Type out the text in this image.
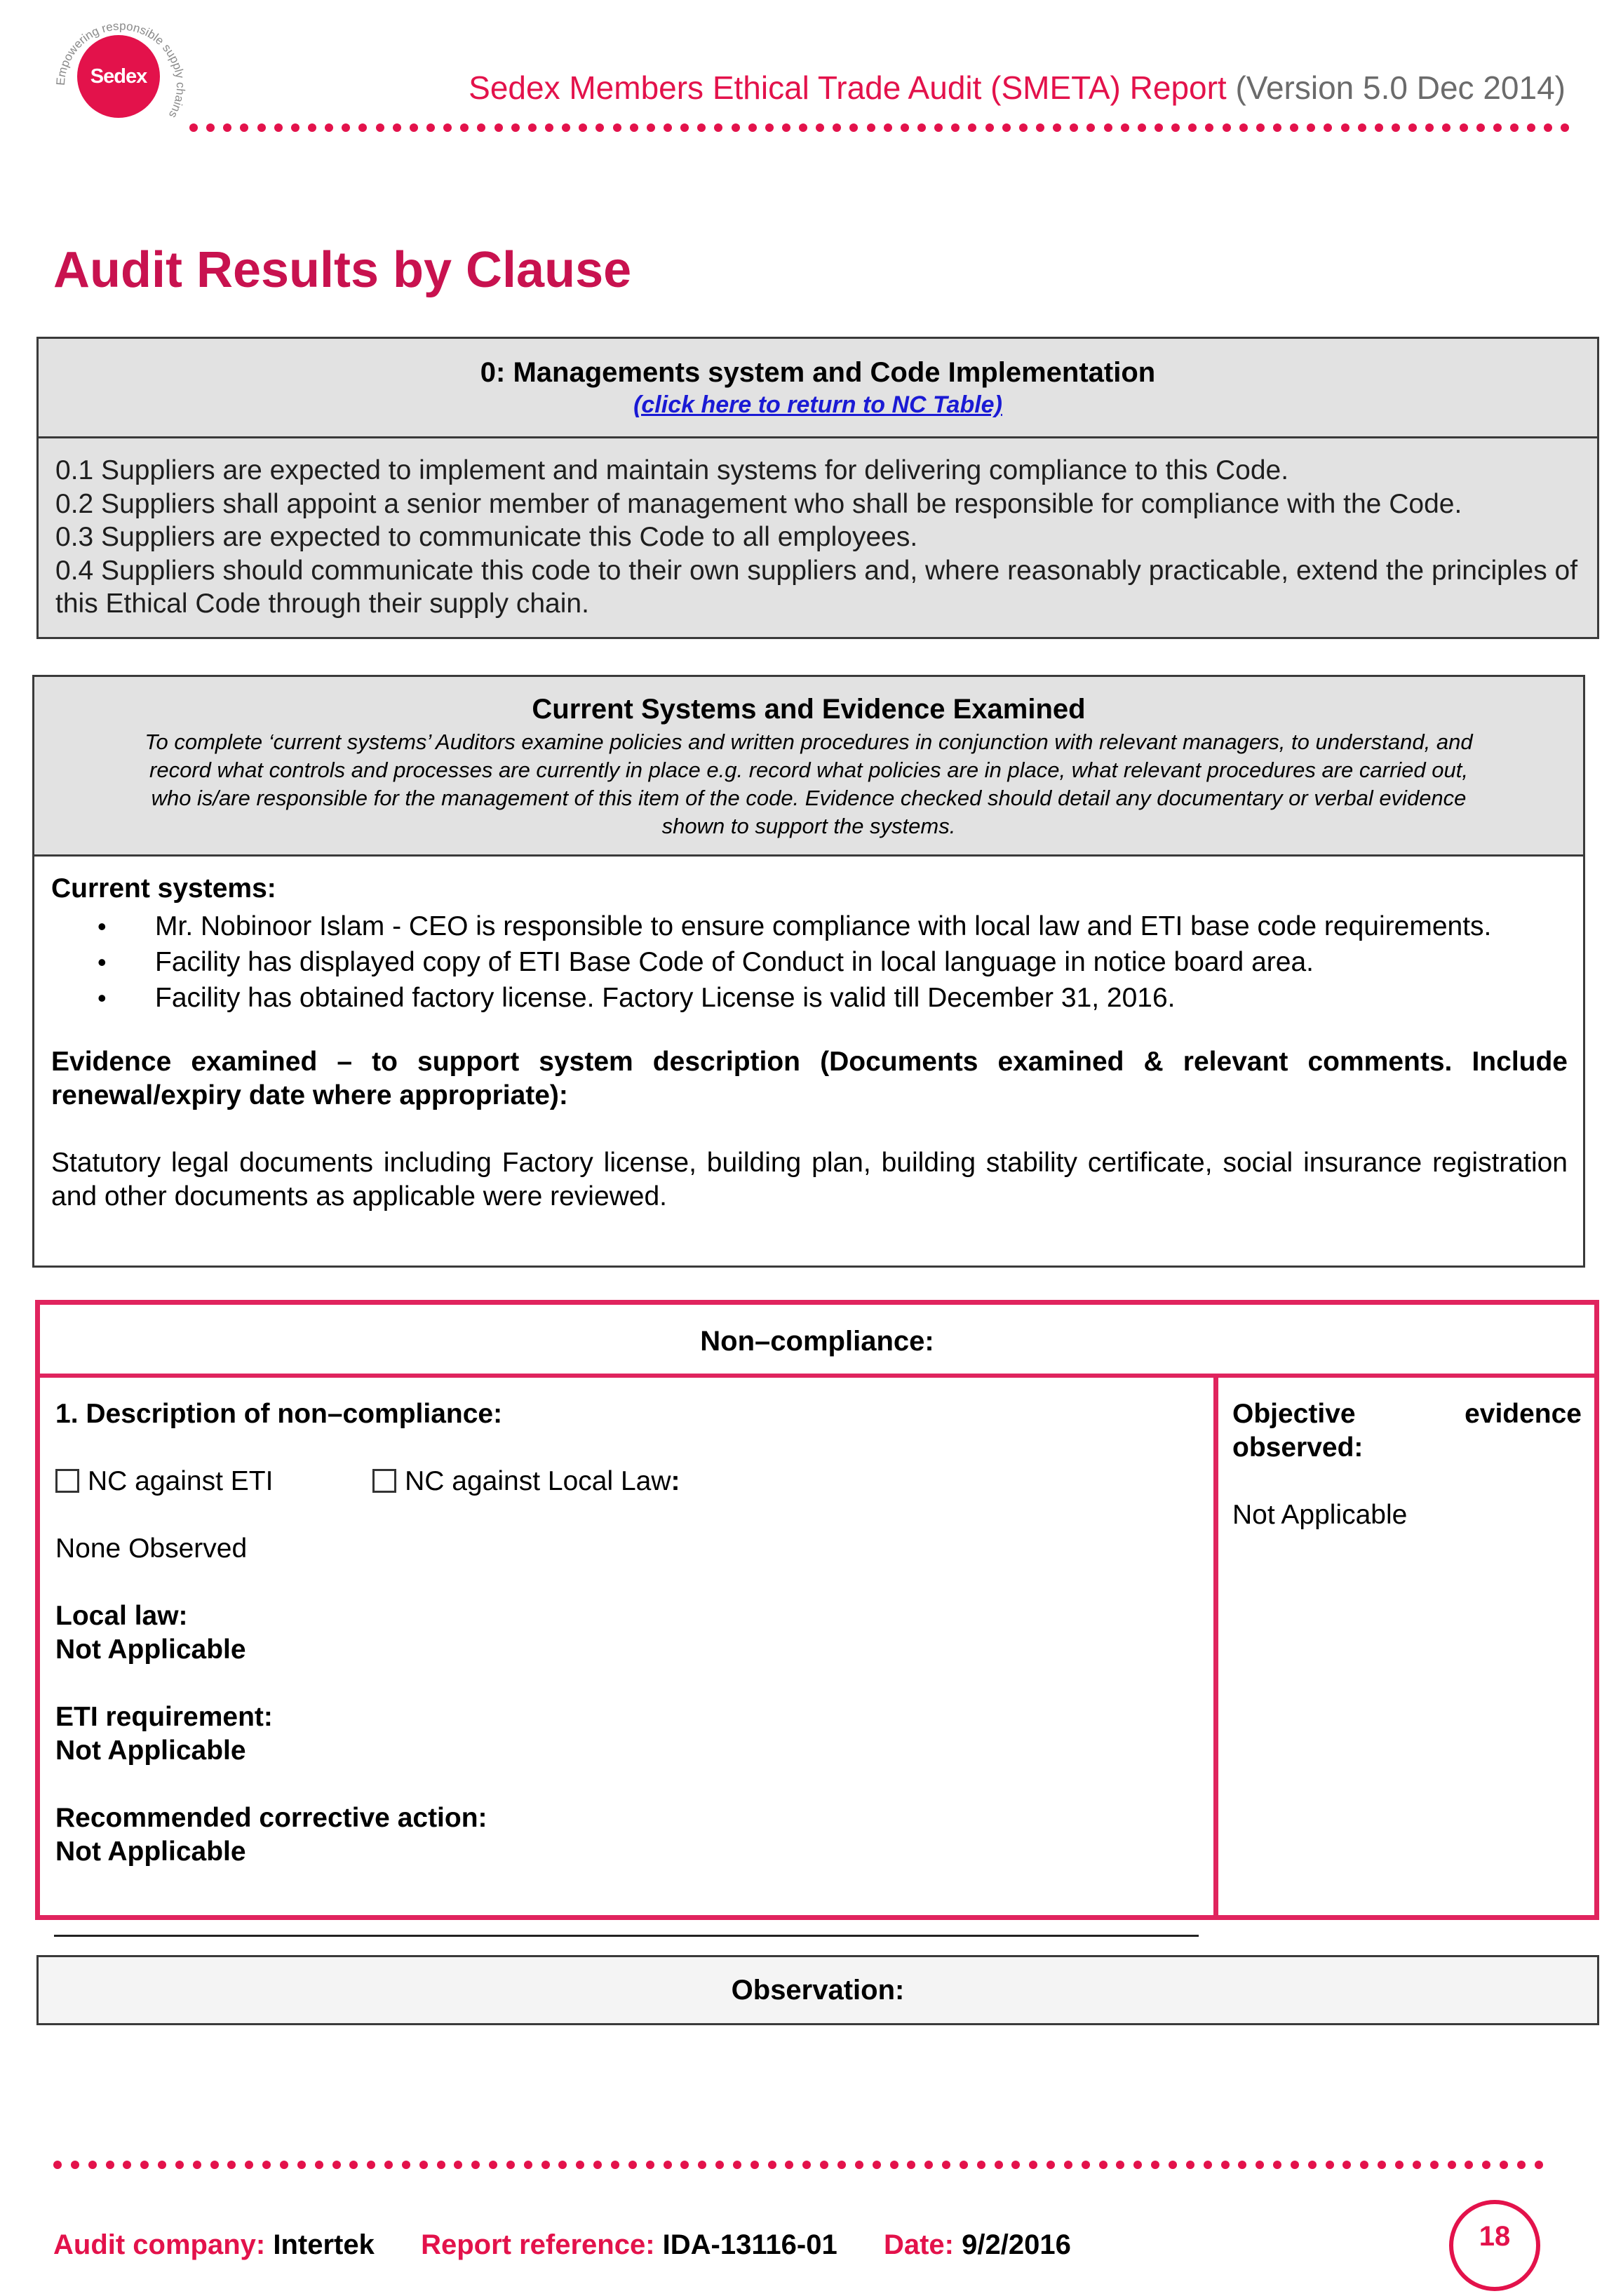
Empowering responsible supply chains
Sedex	Sedex Members Ethical Trade Audit (SMETA) Report (Version 5.0 Dec 2014)
Audit Results by Clause
0: Managements system and Code Implementation
(click here to return to NC Table)
0.1 Suppliers are expected to implement and maintain systems for delivering compliance to this Code.
0.2 Suppliers shall appoint a senior member of management who shall be responsible for compliance with the Code.
0.3 Suppliers are expected to communicate this Code to all employees.
0.4 Suppliers should communicate this code to their own suppliers and, where reasonably practicable, extend the principles of this Ethical Code through their supply chain.
Current Systems and Evidence Examined
To complete ‘current systems’ Auditors examine policies and written procedures in conjunction with relevant managers, to understand, and record what controls and processes are currently in place e.g. record what policies are in place, what relevant procedures are carried out, who is/are responsible for the management of this item of the code. Evidence checked should detail any documentary or verbal evidence shown to support the systems.
Current systems:
• Mr. Nobinoor Islam - CEO is responsible to ensure compliance with local law and ETI base code requirements.
• Facility has displayed copy of ETI Base Code of Conduct in local language in notice board area.
• Facility has obtained factory license. Factory License is valid till December 31, 2016.
Evidence examined – to support system description (Documents examined & relevant comments. Include renewal/expiry date where appropriate):
Statutory legal documents including Factory license, building plan, building stability certificate, social insurance registration and other documents as applicable were reviewed.
Non–compliance:
1. Description of non–compliance:
NC against ETI	NC against Local Law:
None Observed
Local law:
Not Applicable
ETI requirement:
Not Applicable
Recommended corrective action:
Not Applicable
Objective	evidence
observed:
Not Applicable
Observation:
Audit company: Intertek Report reference: IDA-13116-01 Date: 9/2/2016	18
